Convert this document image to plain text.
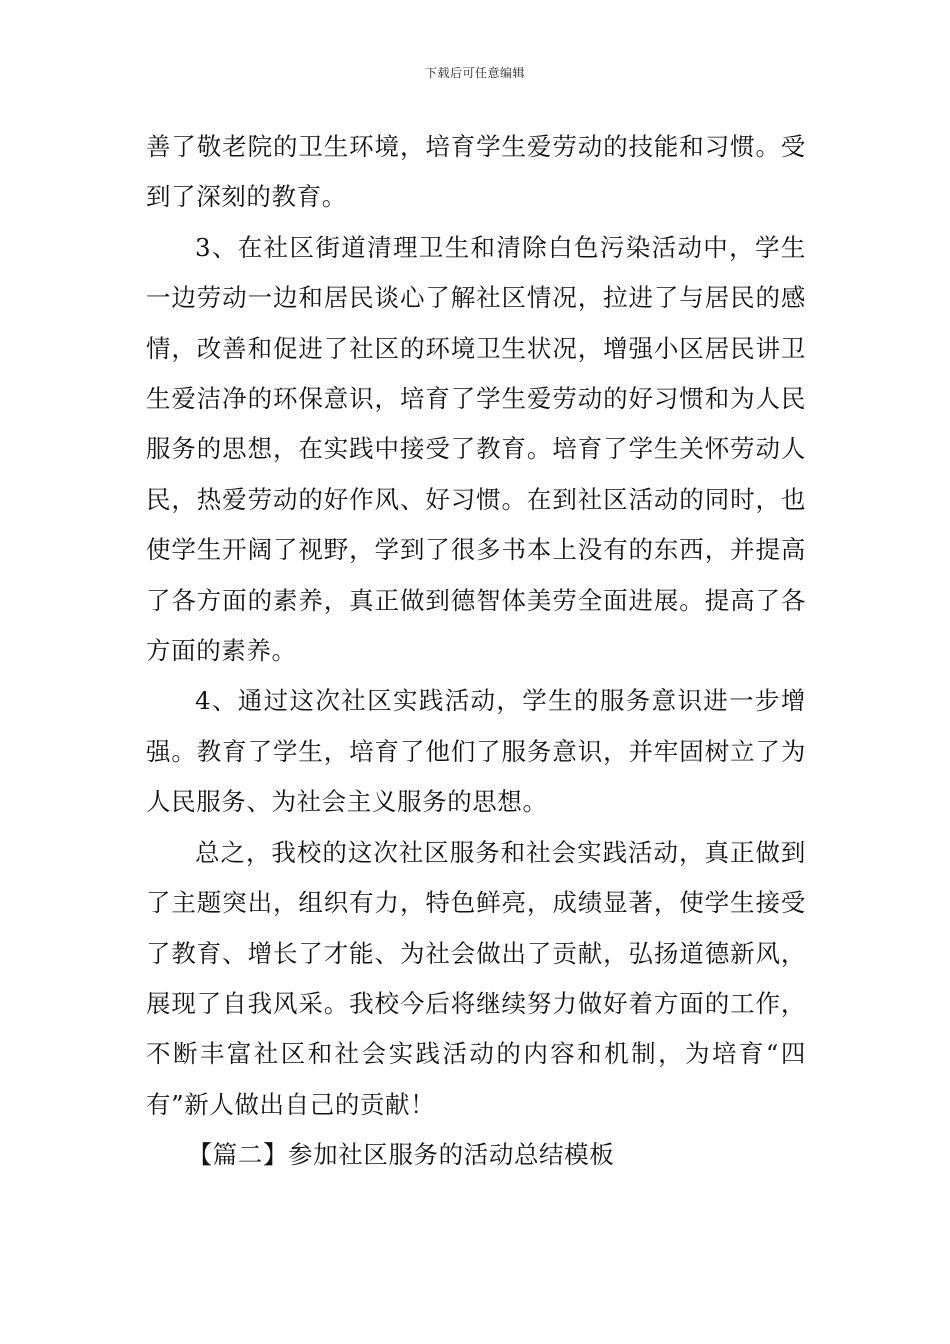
下载后可任意编辑

善了敬老院的卫生环境，培育学生爱劳动的技能和习惯。受到了深刻的教育。

3、在社区街道清理卫生和清除白色污染活动中，学生一边劳动一边和居民谈心了解社区情况，拉进了与居民的感情，改善和促进了社区的环境卫生状况，增强小区居民讲卫生爱洁净的环保意识，培育了学生爱劳动的好习惯和为人民服务的思想，在实践中接受了教育。培育了学生关怀劳动人民，热爱劳动的好作风、好习惯。在到社区活动的同时，也使学生开阔了视野，学到了很多书本上没有的东西，并提高了各方面的素养，真正做到德智体美劳全面进展。提高了各方面的素养。

4、通过这次社区实践活动，学生的服务意识进一步增强。教育了学生，培育了他们了服务意识，并牢固树立了为人民服务、为社会主义服务的思想。

总之，我校的这次社区服务和社会实践活动，真正做到了主题突出，组织有力，特色鲜亮，成绩显著，使学生接受了教育、增长了才能、为社会做出了贡献，弘扬道德新风，展现了自我风采。我校今后将继续努力做好着方面的工作，不断丰富社区和社会实践活动的内容和机制，为培育“四有”新人做出自己的贡献！

【篇二】参加社区服务的活动总结模板
